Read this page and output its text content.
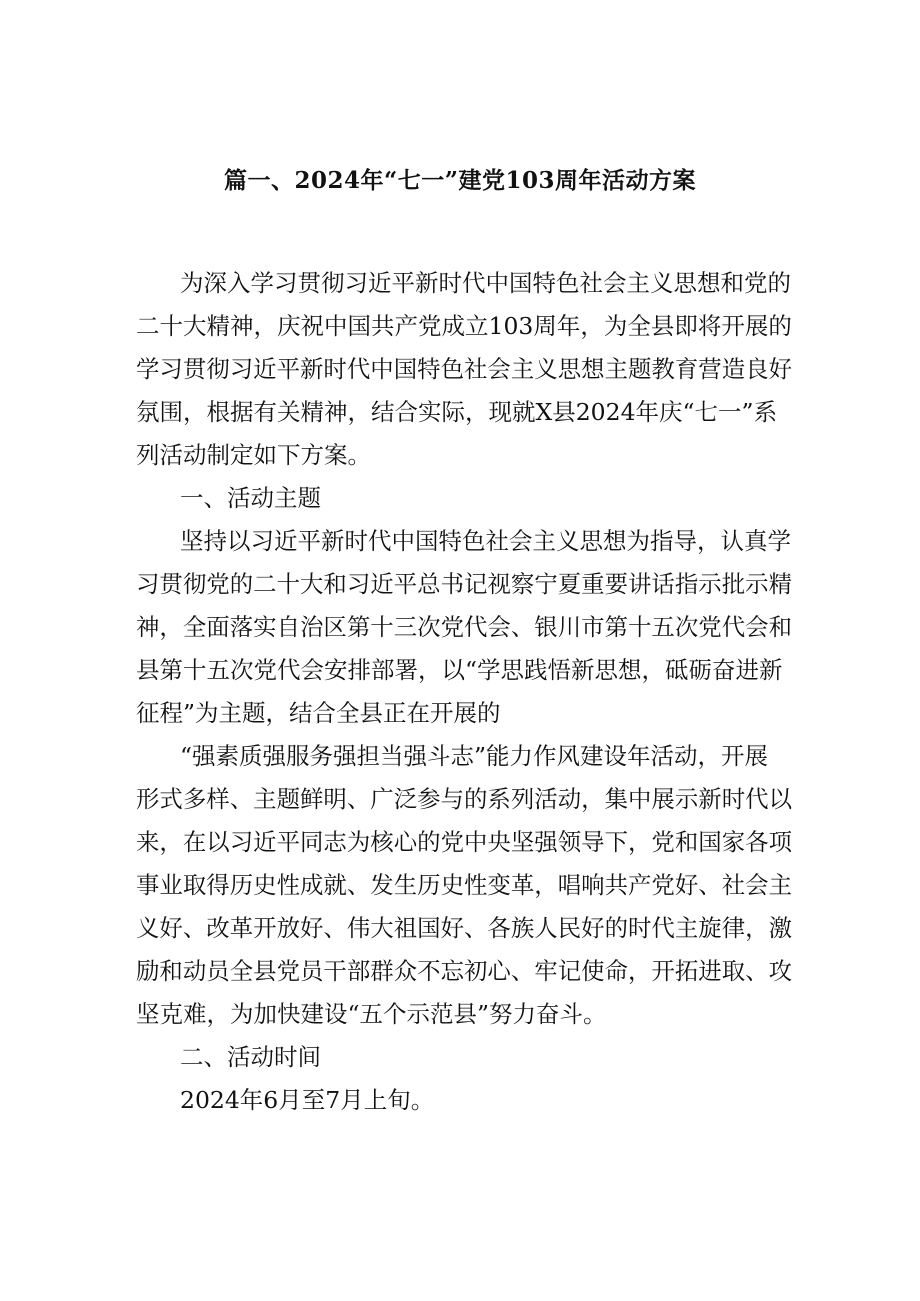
篇一、2024年“七一”建党103周年活动方案
为深入学习贯彻习近平新时代中国特色社会主义思想和党的
二十大精神，庆祝中国共产党成立103周年，为全县即将开展的
学习贯彻习近平新时代中国特色社会主义思想主题教育营造良好
氛围，根据有关精神，结合实际，现就X县2024年庆“七一”系
列活动制定如下方案。
一、活动主题
坚持以习近平新时代中国特色社会主义思想为指导，认真学
习贯彻党的二十大和习近平总书记视察宁夏重要讲话指示批示精
神，全面落实自治区第十三次党代会、银川市第十五次党代会和
县第十五次党代会安排部署，以“学思践悟新思想，砥砺奋进新
征程”为主题，结合全县正在开展的
“强素质强服务强担当强斗志”能力作风建设年活动，开展
形式多样、主题鲜明、广泛参与的系列活动，集中展示新时代以
来，在以习近平同志为核心的党中央坚强领导下，党和国家各项
事业取得历史性成就、发生历史性变革，唱响共产党好、社会主
义好、改革开放好、伟大祖国好、各族人民好的时代主旋律，激
励和动员全县党员干部群众不忘初心、牢记使命，开拓进取、攻
坚克难，为加快建设“五个示范县”努力奋斗。
二、活动时间
2024年6月至7月上旬。
